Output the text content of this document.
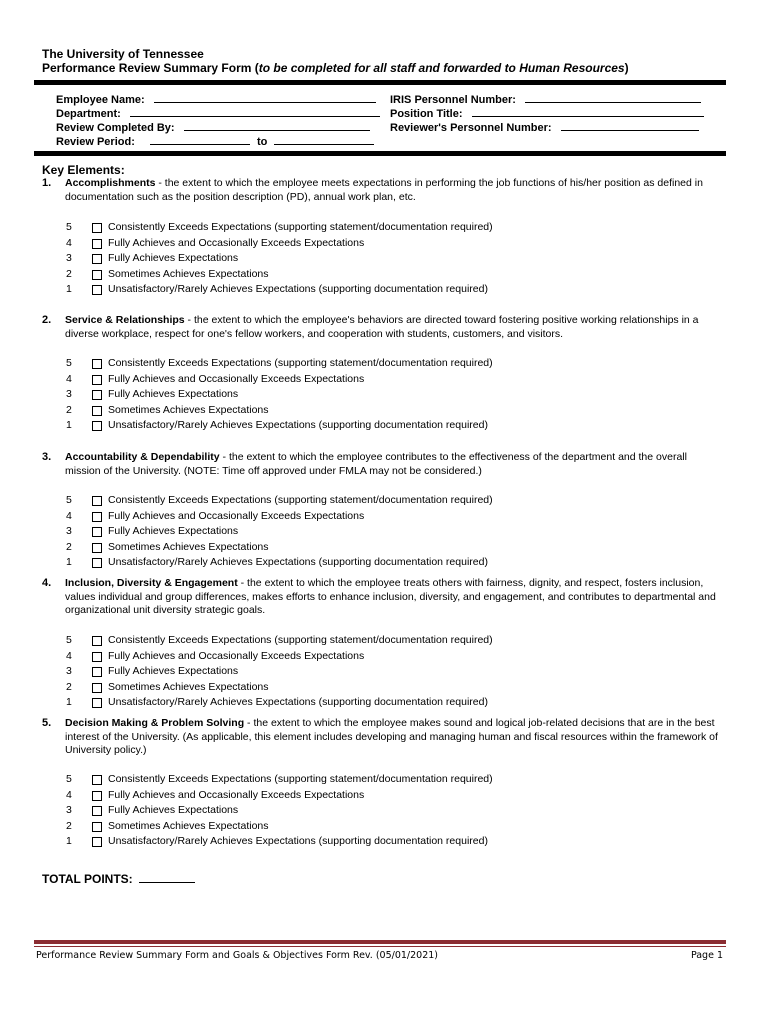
The University of Tennessee
Performance Review Summary Form (to be completed for all staff and forwarded to Human Resources)
Employee Name:
Department:
Review Completed By:
Review Period:	to
IRIS Personnel Number:
Position Title:
Reviewer's Personnel Number:
Key Elements:
1. Accomplishments - the extent to which the employee meets expectations in performing the job functions of his/her position as defined in documentation such as the position description (PD), annual work plan, etc.
5	Consistently Exceeds Expectations (supporting statement/documentation required)
4	Fully Achieves and Occasionally Exceeds Expectations
3	Fully Achieves Expectations
2	Sometimes Achieves Expectations
1	Unsatisfactory/Rarely Achieves Expectations (supporting documentation required)
2. Service & Relationships - the extent to which the employee's behaviors are directed toward fostering positive working relationships in a diverse workplace, respect for one's fellow workers, and cooperation with students, customers, and visitors.
5	Consistently Exceeds Expectations (supporting statement/documentation required)
4	Fully Achieves and Occasionally Exceeds Expectations
3	Fully Achieves Expectations
2	Sometimes Achieves Expectations
1	Unsatisfactory/Rarely Achieves Expectations (supporting documentation required)
3. Accountability & Dependability - the extent to which the employee contributes to the effectiveness of the department and the overall mission of the University. (NOTE: Time off approved under FMLA may not be considered.)
5	Consistently Exceeds Expectations (supporting statement/documentation required)
4	Fully Achieves and Occasionally Exceeds Expectations
3	Fully Achieves Expectations
2	Sometimes Achieves Expectations
1	Unsatisfactory/Rarely Achieves Expectations (supporting documentation required)
4. Inclusion, Diversity & Engagement - the extent to which the employee treats others with fairness, dignity, and respect, fosters inclusion, values individual and group differences, makes efforts to enhance inclusion, diversity, and engagement, and contributes to departmental and organizational unit diversity strategic goals.
5	Consistently Exceeds Expectations (supporting statement/documentation required)
4	Fully Achieves and Occasionally Exceeds Expectations
3	Fully Achieves Expectations
2	Sometimes Achieves Expectations
1	Unsatisfactory/Rarely Achieves Expectations (supporting documentation required)
5. Decision Making & Problem Solving - the extent to which the employee makes sound and logical job-related decisions that are in the best interest of the University. (As applicable, this element includes developing and managing human and fiscal resources within the framework of University policy.)
5	Consistently Exceeds Expectations (supporting statement/documentation required)
4	Fully Achieves and Occasionally Exceeds Expectations
3	Fully Achieves Expectations
2	Sometimes Achieves Expectations
1	Unsatisfactory/Rarely Achieves Expectations (supporting documentation required)
TOTAL POINTS:
Performance Review Summary Form and Goals & Objectives Form Rev. (05/01/2021)	Page 1
